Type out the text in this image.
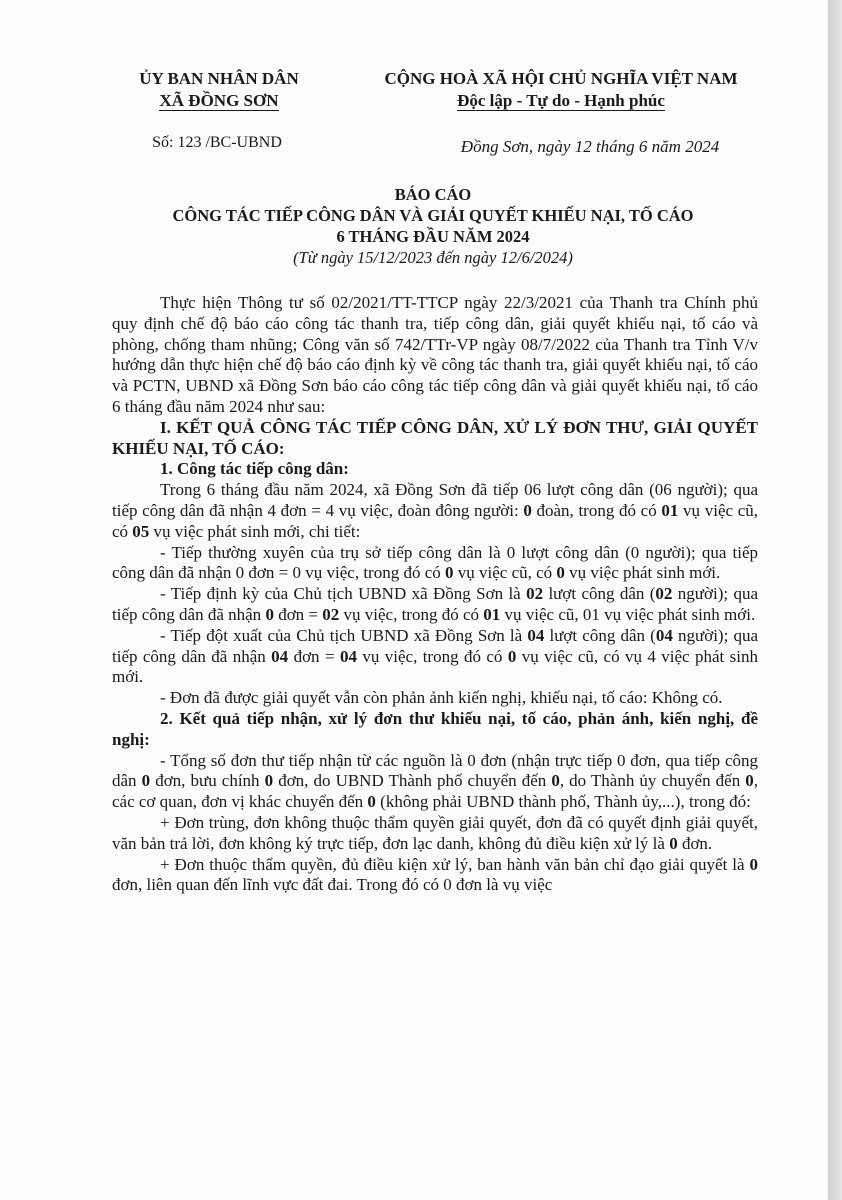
ỦY BAN NHÂN DÂN
XÃ ĐỒNG SƠN
CỘNG HOÀ XÃ HỘI CHỦ NGHĨA VIỆT NAM
Độc lập - Tự do - Hạnh phúc
Số: 123 /BC-UBND	Đồng Sơn, ngày 12 tháng 6 năm 2024
BÁO CÁO
CÔNG TÁC TIẾP CÔNG DÂN VÀ GIẢI QUYẾT KHIẾU NẠI, TỐ CÁO
6 THÁNG ĐẦU NĂM 2024
(Từ ngày 15/12/2023 đến ngày 12/6/2024)

Thực hiện Thông tư số 02/2021/TT-TTCP ngày 22/3/2021 của Thanh tra Chính phủ quy định chế độ báo cáo công tác thanh tra, tiếp công dân, giải quyết khiếu nại, tố cáo và phòng, chống tham nhũng; Công văn số 742/TTr-VP ngày 08/7/2022 của Thanh tra Tỉnh V/v hướng dẫn thực hiện chế độ báo cáo định kỳ về công tác thanh tra, giải quyết khiếu nại, tố cáo và PCTN, UBND xã Đồng Sơn báo cáo công tác tiếp công dân và giải quyết khiếu nại, tố cáo 6 tháng đầu năm 2024 như sau:

I. KẾT QUẢ CÔNG TÁC TIẾP CÔNG DÂN, XỬ LÝ ĐƠN THƯ, GIẢI QUYẾT KHIẾU NẠI, TỐ CÁO:

1. Công tác tiếp công dân:

Trong 6 tháng đầu năm 2024, xã Đồng Sơn đã tiếp 06 lượt công dân (06 người); qua tiếp công dân đã nhận 4 đơn = 4 vụ việc, đoàn đông người: 0 đoàn, trong đó có 01 vụ việc cũ, có 05 vụ việc phát sinh mới, chi tiết:

- Tiếp thường xuyên của trụ sở tiếp công dân là 0 lượt công dân (0 người); qua tiếp công dân đã nhận 0 đơn = 0 vụ việc, trong đó có 0 vụ việc cũ, có 0 vụ việc phát sinh mới.

- Tiếp định kỳ của Chủ tịch UBND xã Đồng Sơn là 02 lượt công dân (02 người); qua tiếp công dân đã nhận 0 đơn = 02 vụ việc, trong đó có 01 vụ việc cũ, 01 vụ việc phát sinh mới.

- Tiếp đột xuất của Chủ tịch UBND xã Đồng Sơn là 04 lượt công dân (04 người); qua tiếp công dân đã nhận 04 đơn = 04 vụ việc, trong đó có 0 vụ việc cũ, có vụ 4 việc phát sinh mới.

- Đơn đã được giải quyết vẫn còn phản ảnh kiến nghị, khiếu nại, tố cáo: Không có.

2. Kết quả tiếp nhận, xử lý đơn thư khiếu nại, tố cáo, phản ánh, kiến nghị, đề nghị:

- Tổng số đơn thư tiếp nhận từ các nguồn là 0 đơn (nhận trực tiếp 0 đơn, qua tiếp công dân 0 đơn, bưu chính 0 đơn, do UBND Thành phố chuyển đến 0, do Thành ủy chuyển đến 0, các cơ quan, đơn vị khác chuyển đến 0 (không phải UBND thành phố, Thành ủy,...), trong đó:

+ Đơn trùng, đơn không thuộc thẩm quyền giải quyết, đơn đã có quyết định giải quyết, văn bản trả lời, đơn không ký trực tiếp, đơn lạc danh, không đủ điều kiện xử lý là 0 đơn.

+ Đơn thuộc thẩm quyền, đủ điều kiện xử lý, ban hành văn bản chỉ đạo giải quyết là 0 đơn, liên quan đến lĩnh vực đất đai. Trong đó có 0 đơn là vụ việc
